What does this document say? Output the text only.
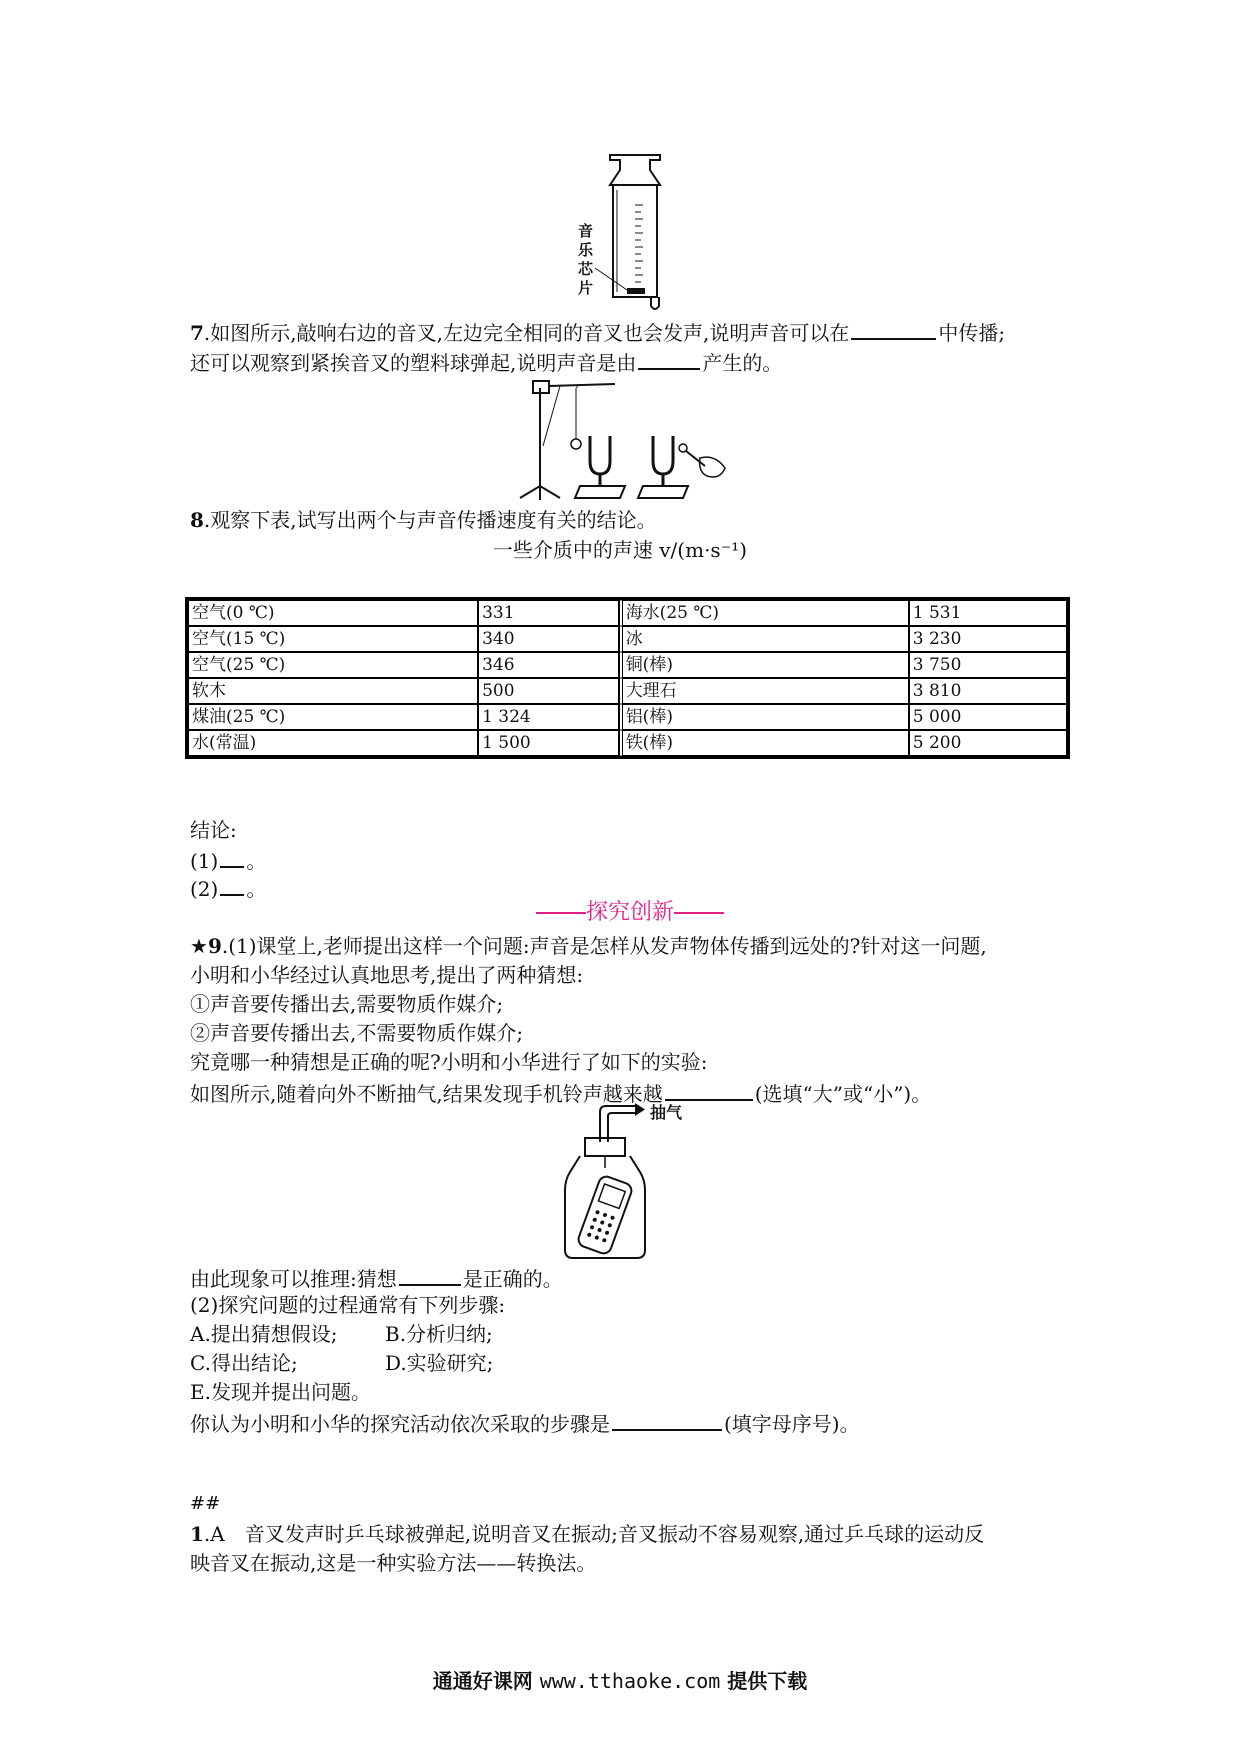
音乐芯片
7.如图所示,敲响右边的音叉,左边完全相同的音叉也会发声,说明声音可以在	中传播;
还可以观察到紧挨音叉的塑料球弹起,说明声音是由	产生的。
8.观察下表,试写出两个与声音传播速度有关的结论。
一些介质中的声速 v/(m·s⁻¹)
空气(0 ℃)	331	海水(25 ℃)	1 531
空气(15 ℃)	340	冰	3 230
空气(25 ℃)	346	铜(棒)	3 750
软木	500	大理石	3 810
煤油(25 ℃)	1 324	铝(棒)	5 000
水(常温)	1 500	铁(棒)	5 200
结论:
(1) 。
(2) 。
探究创新
★9.(1)课堂上,老师提出这样一个问题:声音是怎样从发声物体传播到远处的?针对这一问题,
小明和小华经过认真地思考,提出了两种猜想:
①声音要传播出去,需要物质作媒介;
②声音要传播出去,不需要物质作媒介;
究竟哪一种猜想是正确的呢?小明和小华进行了如下的实验:
如图所示,随着向外不断抽气,结果发现手机铃声越来越	(选填“大”或“小”)。
抽气
由此现象可以推理:猜想	是正确的。
(2)探究问题的过程通常有下列步骤:
A.提出猜想假设; B.分析归纳;
C.得出结论;	D.实验研究;
E.发现并提出问题。
你认为小明和小华的探究活动依次采取的步骤是	(填字母序号)。
##
1.A 音叉发声时乒乓球被弹起,说明音叉在振动;音叉振动不容易观察,通过乒乓球的运动反
映音叉在振动,这是一种实验方法——转换法。
通通好课网 www.tthaoke.com 提供下载
